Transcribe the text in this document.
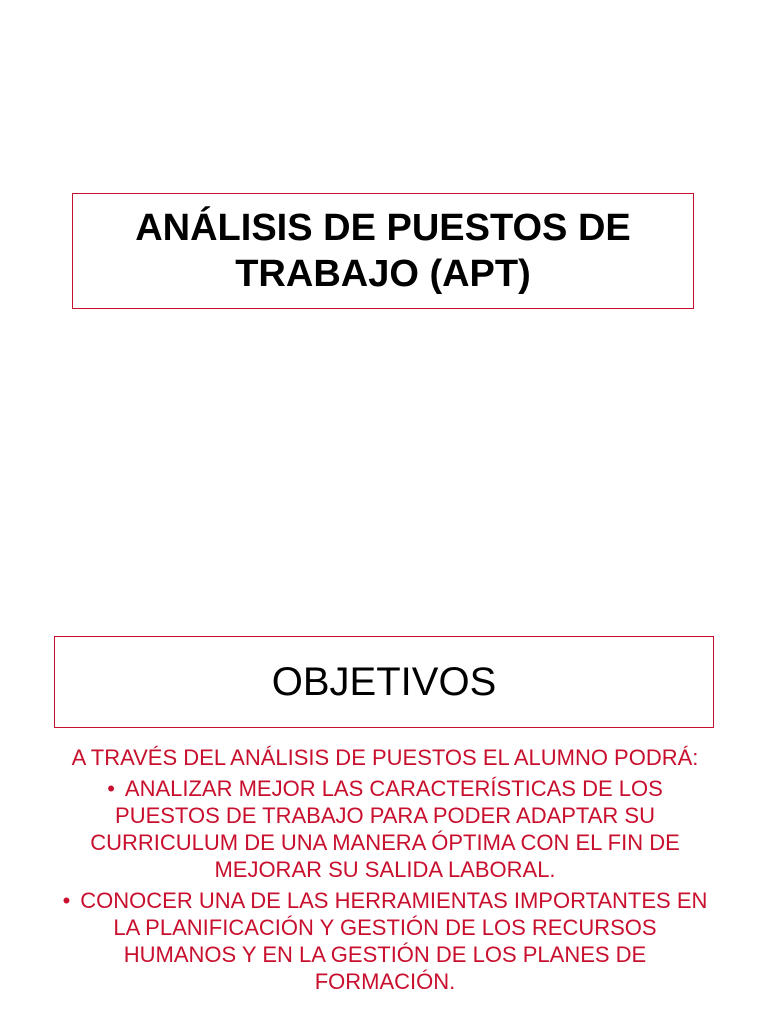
ANÁLISIS DE PUESTOS DE TRABAJO (APT)
OBJETIVOS

A TRAVÉS DEL ANÁLISIS DE PUESTOS EL ALUMNO PODRÁ:

• ANALIZAR MEJOR LAS CARACTERÍSTICAS DE LOS PUESTOS DE TRABAJO PARA PODER ADAPTAR SU CURRICULUM DE UNA MANERA ÓPTIMA CON EL FIN DE MEJORAR SU SALIDA LABORAL.
• CONOCER UNA DE LAS HERRAMIENTAS IMPORTANTES EN LA PLANIFICACIÓN Y GESTIÓN DE LOS RECURSOS HUMANOS Y EN LA GESTIÓN DE LOS PLANES DE FORMACIÓN.
